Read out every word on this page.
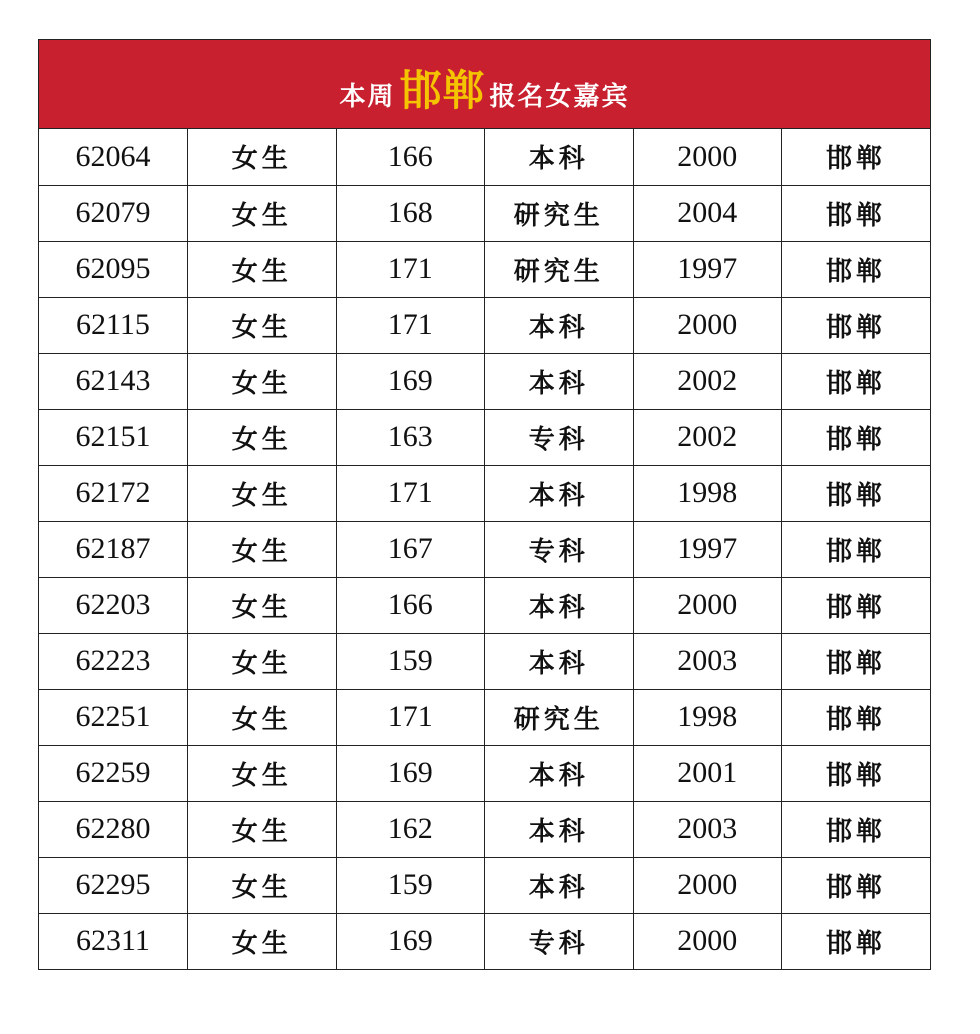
本周 邯郸 报名女嘉宾
62064	女生	166	本科	2000	邯郸
62079	女生	168	研究生	2004	邯郸
62095	女生	171	研究生	1997	邯郸
62115	女生	171	本科	2000	邯郸
62143	女生	169	本科	2002	邯郸
62151	女生	163	专科	2002	邯郸
62172	女生	171	本科	1998	邯郸
62187	女生	167	专科	1997	邯郸
62203	女生	166	本科	2000	邯郸
62223	女生	159	本科	2003	邯郸
62251	女生	171	研究生	1998	邯郸
62259	女生	169	本科	2001	邯郸
62280	女生	162	本科	2003	邯郸
62295	女生	159	本科	2000	邯郸
62311	女生	169	专科	2000	邯郸
